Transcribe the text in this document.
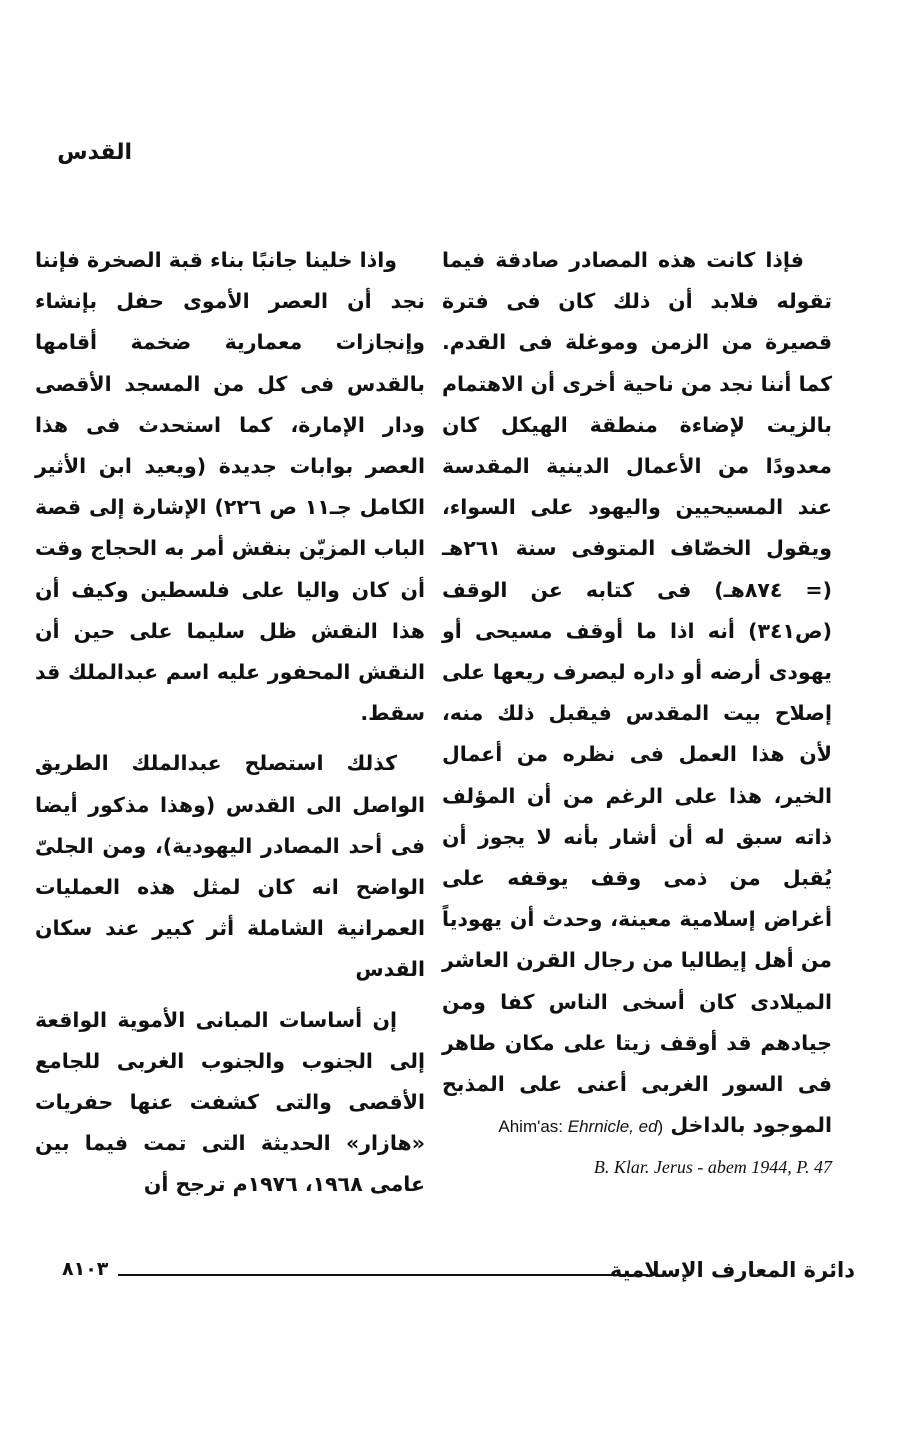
القدس

فإذا كانت هذه المصادر صادقة فيما تقوله فلابد أن ذلك كان فى فترة قصيرة من الزمن وموغلة فى القدم. كما أننا نجد من ناحية أخرى أن الاهتمام بالزيت لإضاءة منطقة الهيكل كان معدودًا من الأعمال الدينية المقدسة عند المسيحيين واليهود على السواء، ويقول الخصّاف المتوفى سنة ٢٦١هـ (= ٨٧٤هـ) فى كتابه عن الوقف (ص٣٤١) أنه اذا ما أوقف مسيحى أو يهودى أرضه أو داره ليصرف ريعها على إصلاح بيت المقدس فيقبل ذلك منه، لأن هذا العمل فى نظره من أعمال الخير، هذا على الرغم من أن المؤلف ذاته سبق له أن أشار بأنه لا يجوز أن يُقبل من ذمى وقف يوقفه على أغراض إسلامية معينة، وحدث أن يهودياً من أهل إيطاليا من رجال القرن العاشر الميلادى كان أسخى الناس كفا ومن جيادهم قد أوقف زيتا على مكان طاهر فى السور الغربى أعنى على المذبح الموجود بالداخل Ahim'as: Ehrnicle, ed)

B. Klar. Jerus - abem 1944, P. 47

واذا خلينا جانبًا بناء قبة الصخرة فإننا نجد أن العصر الأموى حفل بإنشاء وإنجازات معمارية ضخمة أقامها بالقدس فى كل من المسجد الأقصى ودار الإمارة، كما استحدث فى هذا العصر بوابات جديدة (ويعيد ابن الأثير الكامل جـ١١ ص ٢٢٦) الإشارة إلى قصة الباب المزيّن بنقش أمر به الحجاج وقت أن كان واليا على فلسطين وكيف أن هذا النقش ظل سليما على حين أن النقش المحفور عليه اسم عبدالملك قد سقط.

كذلك استصلح عبدالملك الطريق الواصل الى القدس (وهذا مذكور أيضا فى أحد المصادر اليهودية)، ومن الجلىّ الواضح انه كان لمثل هذه العمليات العمرانية الشاملة أثر كبير عند سكان القدس

إن أساسات المبانى الأموية الواقعة إلى الجنوب والجنوب الغربى للجامع الأقصى والتى كشفت عنها حفريات «هازار» الحديثة التى تمت فيما بين عامى ١٩٦٨، ١٩٧٦م ترجح أن

دائرة المعارف الإسلامية
٨١٠٣
